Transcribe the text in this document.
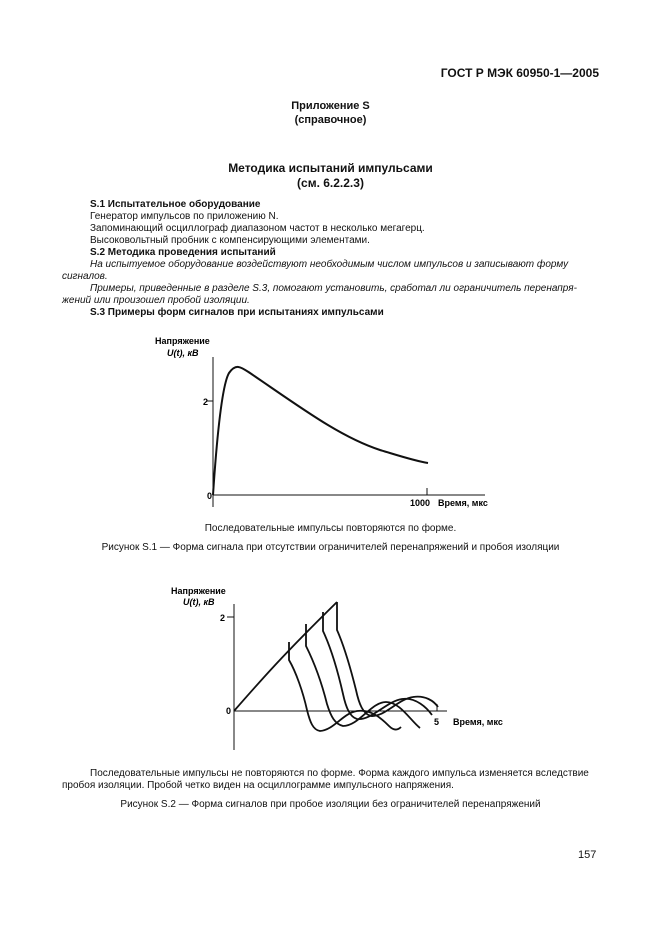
ГОСТ Р МЭК 60950-1—2005
Приложение S
(справочное)
Методика испытаний импульсами
(см. 6.2.2.3)
S.1 Испытательное оборудование
Генератор импульсов по приложению N.
Запоминающий осциллограф диапазоном частот в несколько мегагерц.
Высоковольтный пробник с компенсирующими элементами.
S.2 Методика проведения испытаний
На испытуемое оборудование воздействуют необходимым числом импульсов и записывают форму
сигналов.
Примеры, приведенные в разделе S.3, помогают установить, сработал ли ограничитель перенапря-
жений или произошел пробой изоляции.
S.3 Примеры форм сигналов при испытаниях импульсами
Напряжение
U(t), кВ
2
0
1000 Время, мкс
Последовательные импульсы повторяются по форме.
Рисунок S.1 — Форма сигнала при отсутствии ограничителей перенапряжений и пробоя изоляции
Напряжение
U(t), кВ
2
0
5 Время, мкс
Последовательные импульсы не повторяются по форме. Форма каждого импульса изменяется вследствие
пробоя изоляции. Пробой четко виден на осциллограмме импульсного напряжения.
Рисунок S.2 — Форма сигналов при пробое изоляции без ограничителей перенапряжений
157
